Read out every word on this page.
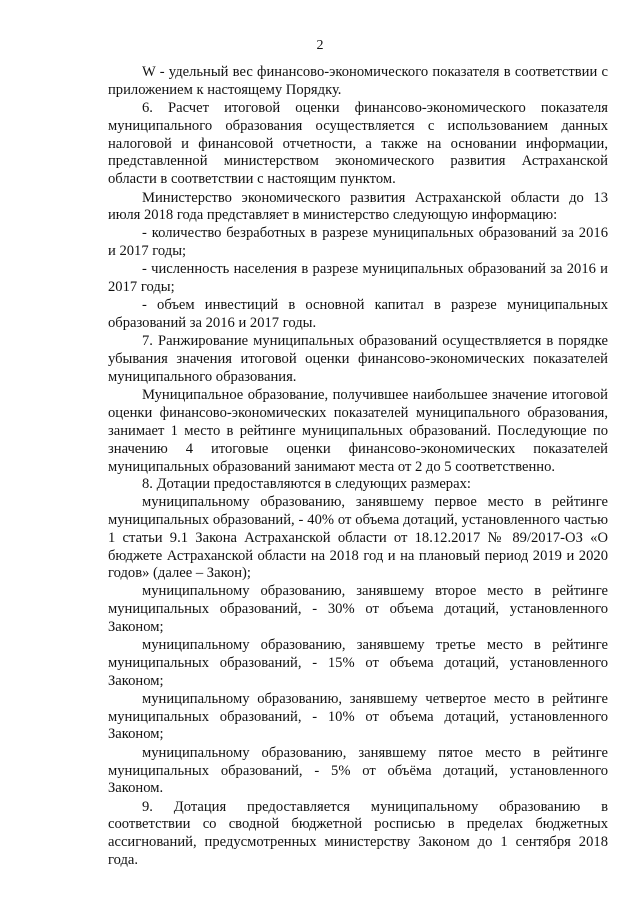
2

W - удельный вес финансово-экономического показателя в соответствии с приложением к настоящему Порядку.

6. Расчет итоговой оценки финансово-экономического показателя муниципального образования осуществляется с использованием данных налоговой и финансовой отчетности, а также на основании информации, представленной министерством экономического развития Астраханской области в соответствии с настоящим пунктом.

Министерство экономического развития Астраханской области до 13 июля 2018 года представляет в министерство следующую информацию:

- количество безработных в разрезе муниципальных образований за 2016 и 2017 годы;

- численность населения в разрезе муниципальных образований за 2016 и 2017 годы;

- объем инвестиций в основной капитал в разрезе муниципальных образований за 2016 и 2017 годы.

7. Ранжирование муниципальных образований осуществляется в порядке убывания значения итоговой оценки финансово-экономических показателей муниципального образования.

Муниципальное образование, получившее наибольшее значение итоговой оценки финансово-экономических показателей муниципального образования, занимает 1 место в рейтинге муниципальных образований. Последующие по значению 4 итоговые оценки финансово-экономических показателей муниципальных образований занимают места от 2 до 5 соответственно.

8. Дотации предоставляются в следующих размерах:

муниципальному образованию, занявшему первое место в рейтинге муниципальных образований, - 40% от объема дотаций, установленного частью 1 статьи 9.1 Закона Астраханской области от 18.12.2017 № 89/2017-ОЗ «О бюджете Астраханской области на 2018 год и на плановый период 2019 и 2020 годов» (далее – Закон);

муниципальному образованию, занявшему второе место в рейтинге муниципальных образований, - 30% от объема дотаций, установленного Законом;

муниципальному образованию, занявшему третье место в рейтинге муниципальных образований, - 15% от объема дотаций, установленного Законом;

муниципальному образованию, занявшему четвертое место в рейтинге муниципальных образований, - 10% от объема дотаций, установленного Законом;

муниципальному образованию, занявшему пятое место в рейтинге муниципальных образований, - 5% от объёма дотаций, установленного Законом.

9. Дотация предоставляется муниципальному образованию в соответствии со сводной бюджетной росписью в пределах бюджетных ассигнований, предусмотренных министерству Законом до 1 сентября 2018 года.
